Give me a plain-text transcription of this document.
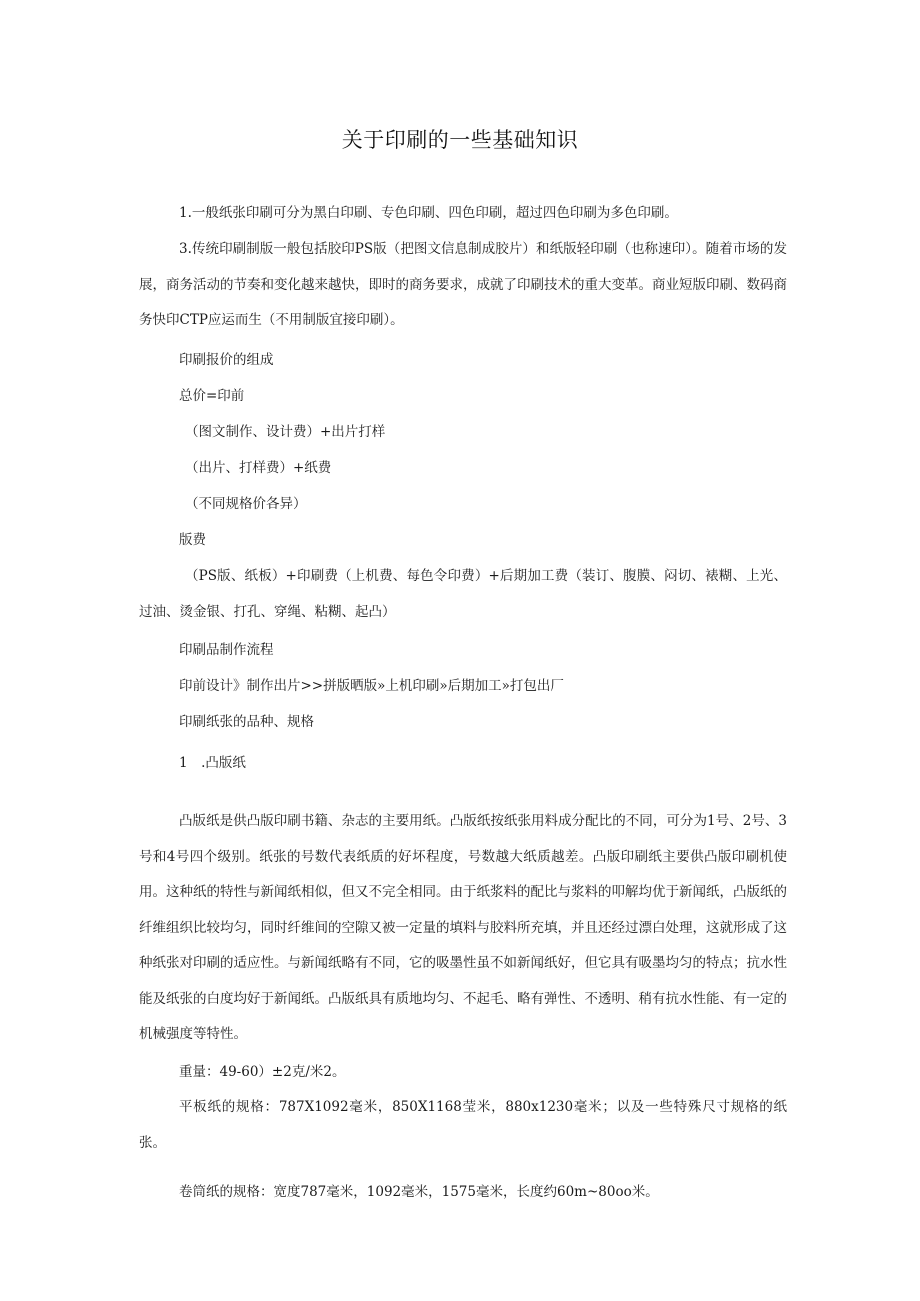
关于印刷的一些基础知识

1.一般纸张印刷可分为黑白印刷、专色印刷、四色印刷，超过四色印刷为多色印刷。

3.传统印刷制版一般包括胶印PS版（把图文信息制成胶片）和纸版轻印刷（也称速印）。随着市场的发展，商务活动的节奏和变化越来越快，即时的商务要求，成就了印刷技术的重大变革。商业短版印刷、数码商务快印CTP应运而生（不用制版宜接印刷）。

印刷报价的组成

总价=印前

（图文制作、设计费）+出片打样

（出片、打样费）+纸费

（不同规格价各异）

版费

（PS版、纸板）+印刷费（上机费、每色令印费）+后期加工费（装订、腹膜、闷切、裱糊、上光、过油、烫金银、打孔、穿绳、粘糊、起凸）

印刷品制作流程

印前设计》制作出片>>拼版晒版»上机印刷»后期加工»打包出厂

印刷纸张的品种、规格

1　.凸版纸

凸版纸是供凸版印刷书籍、杂志的主要用纸。凸版纸按纸张用料成分配比的不同，可分为1号、2号、3号和4号四个级别。纸张的号数代表纸质的好坏程度，号数越大纸质越差。凸版印刷纸主要供凸版印刷机使用。这种纸的特性与新闻纸相似，但又不完全相同。由于纸浆料的配比与浆料的叩解均优于新闻纸，凸版纸的纤维组织比较均匀，同时纤维间的空隙又被一定量的填料与胶料所充填，并且还经过漂白处理，这就形成了这种纸张对印刷的适应性。与新闻纸略有不同，它的吸墨性虽不如新闻纸好，但它具有吸墨均匀的特点；抗水性能及纸张的白度均好于新闻纸。凸版纸具有质地均匀、不起毛、略有弹性、不透明、稍有抗水性能、有一定的机械强度等特性。

重量：49-60）±2克/米2。

平板纸的规格：787X1092毫米，850X1168莹米，880x1230毫米；以及一些特殊尺寸规格的纸张。

卷筒纸的规格：宽度787毫米，1092毫米，1575毫米，长度约60m~80oo米。
